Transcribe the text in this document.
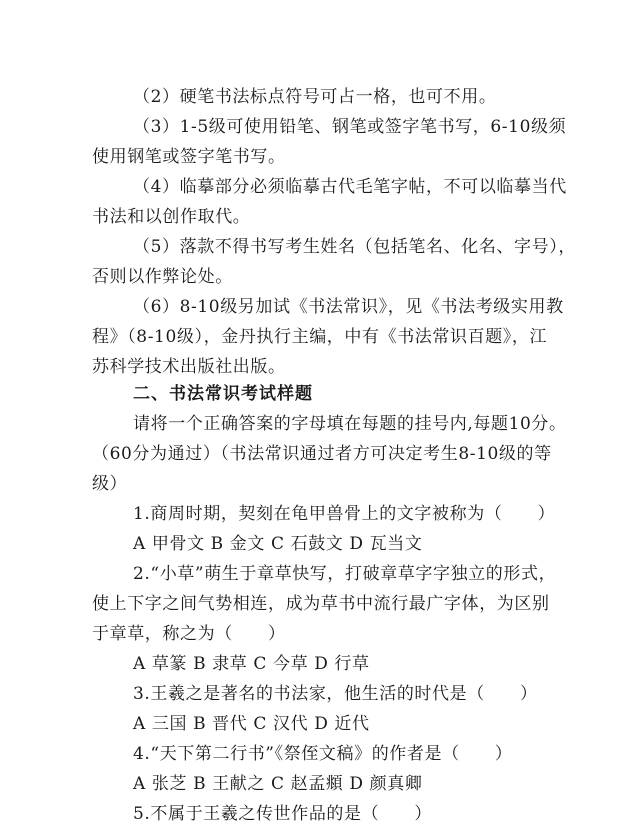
（2）硬笔书法标点符号可占一格，也可不用。
（3）1-5级可使用铅笔、钢笔或签字笔书写，6-10级须
使用钢笔或签字笔书写。
（4）临摹部分必须临摹古代毛笔字帖，不可以临摹当代
书法和以创作取代。
（5）落款不得书写考生姓名（包括笔名、化名、字号），
否则以作弊论处。
（6）8-10级另加试《书法常识》，见《书法考级实用教
程》（8-10级），金丹执行主编，中有《书法常识百题》，江
苏科学技术出版社出版。
二、书法常识考试样题
请将一个正确答案的字母填在每题的挂号内,每题10分。
（60分为通过）（书法常识通过者方可决定考生8-10级的等
级）
1.商周时期，契刻在龟甲兽骨上的文字被称为（　　）
A 甲骨文 B 金文 C 石鼓文 D 瓦当文
2.“小草”萌生于章草快写，打破章草字字独立的形式，
使上下字之间气势相连，成为草书中流行最广字体，为区别
于章草，称之为（　　）
A 草篆 B 隶草 C 今草 D 行草
3.王羲之是著名的书法家，他生活的时代是（　　）
A 三国 B 晋代 C 汉代 D 近代
4.“天下第二行书”《祭侄文稿》的作者是（　　）
A 张芝 B 王献之 C 赵孟頫 D 颜真卿
5.不属于王羲之传世作品的是（　　）
